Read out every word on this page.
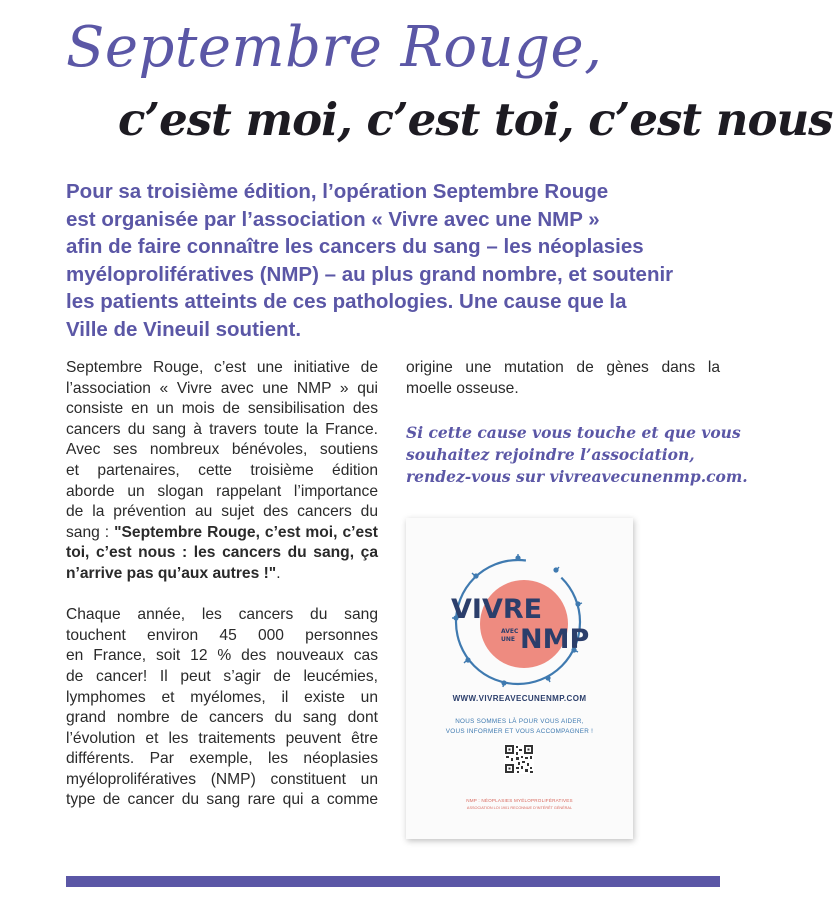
Septembre Rouge,
c’est moi, c’est toi, c’est nous
Pour sa troisième édition, l’opération Septembre Rouge
est organisée par l’association « Vivre avec une NMP »
afin de faire connaître les cancers du sang – les néoplasies
myéloprolifératives (NMP) – au plus grand nombre, et soutenir
les patients atteints de ces pathologies. Une cause que la
Ville de Vineuil soutient.

Septembre Rouge, c’est une initiative de
l’association « Vivre avec une NMP » qui
consiste en un mois de sensibilisation des
cancers du sang à travers toute la France.
Avec ses nombreux bénévoles, soutiens
et partenaires, cette troisième édition
aborde un slogan rappelant l’importance
de la prévention au sujet des cancers du
sang : "Septembre Rouge, c’est moi, c’est
toi, c’est nous : les cancers du sang, ça
n’arrive pas qu’aux autres !".

Chaque année, les cancers du sang
touchent environ 45 000 personnes
en France, soit 12 % des nouveaux cas
de cancer! Il peut s’agir de leucémies,
lymphomes et myélomes, il existe un
grand nombre de cancers du sang dont
l’évolution et les traitements peuvent être
différents. Par exemple, les néoplasies
myéloprolifératives (NMP) constituent un
type de cancer du sang rare qui a comme

origine une mutation de gènes dans la
moelle osseuse.

Si cette cause vous touche et que vous
souhaitez rejoindre l’association,
rendez-vous sur vivreavecunenmp.com.
VIVRE
AVEC
UNE NMP
WWW.VIVREAVECUNENMP.COM
NOUS SOMMES LÀ POUR VOUS AIDER,
VOUS INFORMER ET VOUS ACCOMPAGNER !
NMP : NÉOPLASIES MYÉLOPROLIFÉRATIVES
ASSOCIATION LOI 1901 RECONNUE D’INTÉRÊT GÉNÉRAL
